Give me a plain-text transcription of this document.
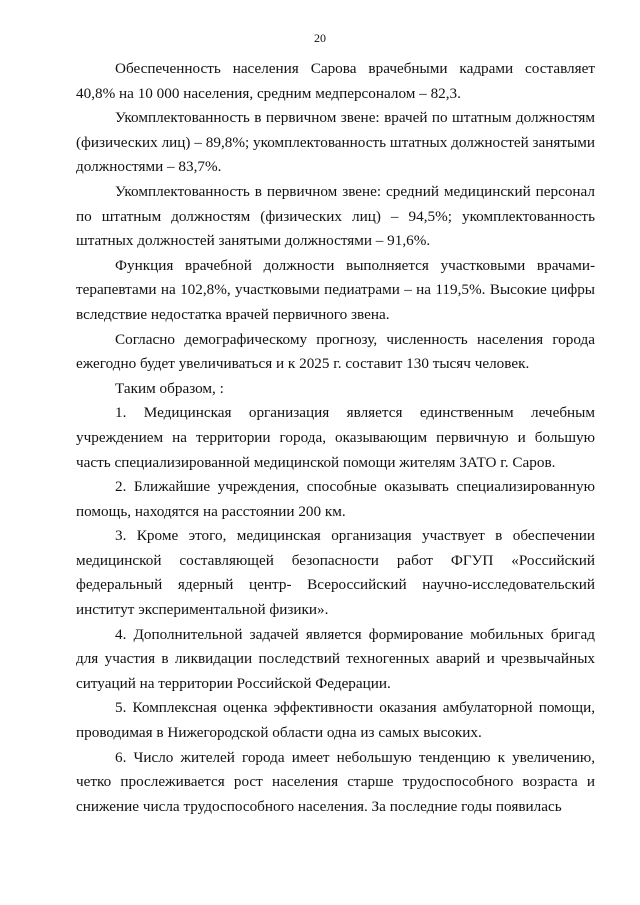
20

Обеспеченность населения Сарова врачебными кадрами составляет 40,8% на 10 000 населения, средним медперсоналом – 82,3.

Укомплектованность в первичном звене: врачей по штатным должностям (физических лиц) – 89,8%; укомплектованность штатных должностей занятыми должностями – 83,7%.

Укомплектованность в первичном звене: средний медицинский персонал по штатным должностям (физических лиц) – 94,5%; укомплектованность штатных должностей занятыми должностями – 91,6%.

Функция врачебной должности выполняется участковыми врачами-терапевтами на 102,8%, участковыми педиатрами – на 119,5%. Высокие цифры вследствие недостатка врачей первичного звена.

Согласно демографическому прогнозу, численность населения города ежегодно будет увеличиваться и к 2025 г. составит 130 тысяч человек.

Таким образом, :

1. Медицинская организация является единственным лечебным учреждением на территории города, оказывающим первичную и большую часть специализированной медицинской помощи жителям ЗАТО г. Саров.

2. Ближайшие учреждения, способные оказывать специализированную помощь, находятся на расстоянии 200 км.

3. Кроме этого, медицинская организация участвует в обеспечении медицинской составляющей безопасности работ ФГУП «Российский федеральный ядерный центр- Всероссийский научно-исследовательский институт экспериментальной физики».

4. Дополнительной задачей является формирование мобильных бригад для участия в ликвидации последствий техногенных аварий и чрезвычайных ситуаций на территории Российской Федерации.

5. Комплексная оценка эффективности оказания амбулаторной помощи, проводимая в Нижегородской области одна из самых высоких.

6. Число жителей города имеет небольшую тенденцию к увеличению, четко прослеживается рост населения старше трудоспособного возраста и снижение числа трудоспособного населения. За последние годы появилась
